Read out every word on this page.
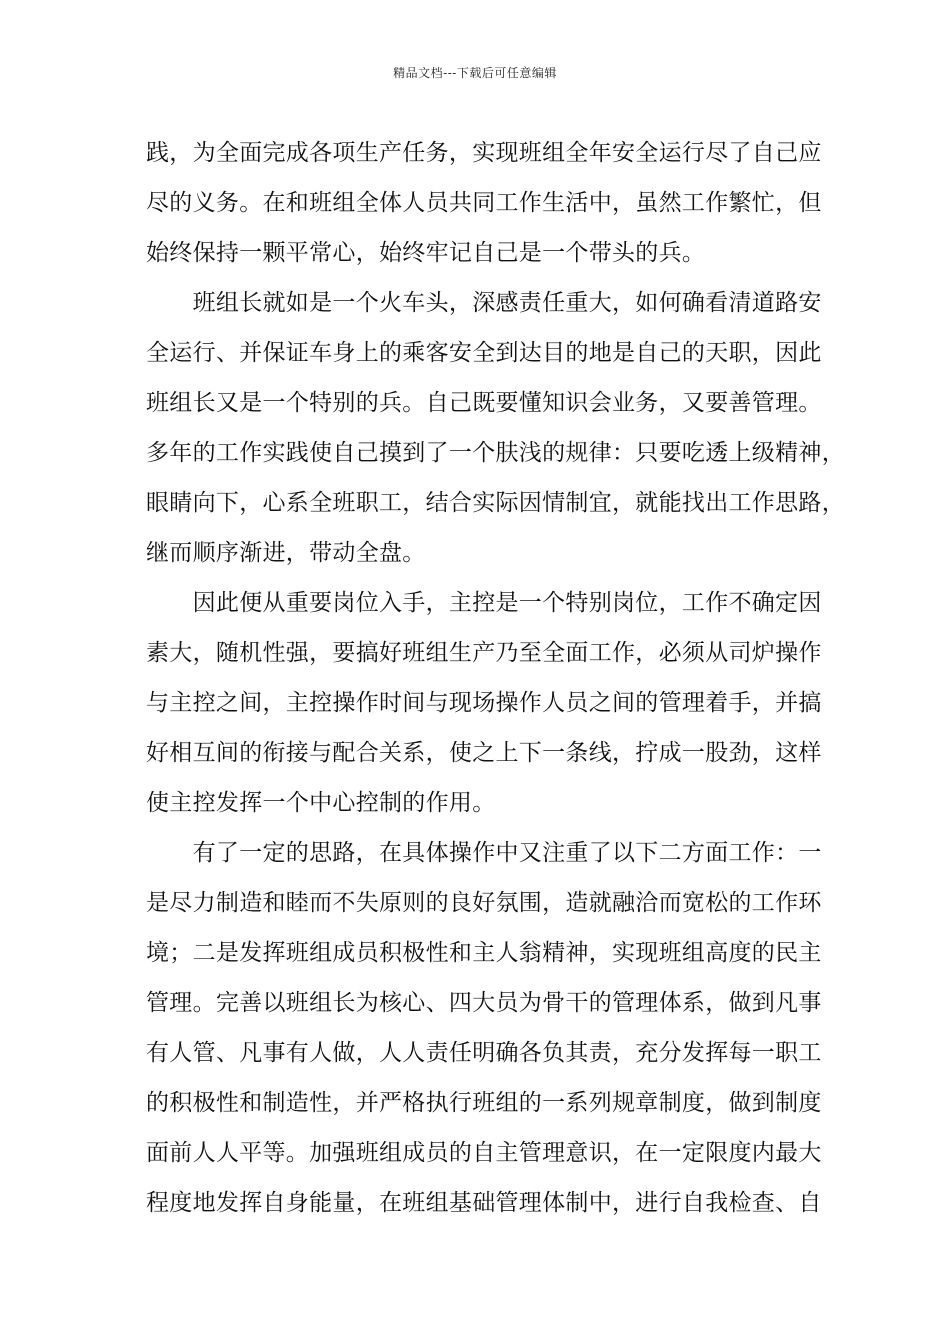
精品文档---下载后可任意编辑
践，为全面完成各项生产任务，实现班组全年安全运行尽了自己应
尽的义务。在和班组全体人员共同工作生活中，虽然工作繁忙，但
始终保持一颗平常心，始终牢记自己是一个带头的兵。
　　班组长就如是一个火车头，深感责任重大，如何确看清道路安
全运行、并保证车身上的乘客安全到达目的地是自己的天职，因此
班组长又是一个特别的兵。自己既要懂知识会业务，又要善管理。
多年的工作实践使自己摸到了一个肤浅的规律：只要吃透上级精神，
眼睛向下，心系全班职工，结合实际因情制宜，就能找出工作思路，
继而顺序渐进，带动全盘。
　　因此便从重要岗位入手，主控是一个特别岗位，工作不确定因
素大，随机性强，要搞好班组生产乃至全面工作，必须从司炉操作
与主控之间，主控操作时间与现场操作人员之间的管理着手，并搞
好相互间的衔接与配合关系，使之上下一条线，拧成一股劲，这样
使主控发挥一个中心控制的作用。
　　有了一定的思路，在具体操作中又注重了以下二方面工作：一
是尽力制造和睦而不失原则的良好氛围，造就融洽而宽松的工作环
境；二是发挥班组成员积极性和主人翁精神，实现班组高度的民主
管理。完善以班组长为核心、四大员为骨干的管理体系，做到凡事
有人管、凡事有人做，人人责任明确各负其责，充分发挥每一职工
的积极性和制造性，并严格执行班组的一系列规章制度，做到制度
面前人人平等。加强班组成员的自主管理意识，在一定限度内最大
程度地发挥自身能量，在班组基础管理体制中，进行自我检查、自
